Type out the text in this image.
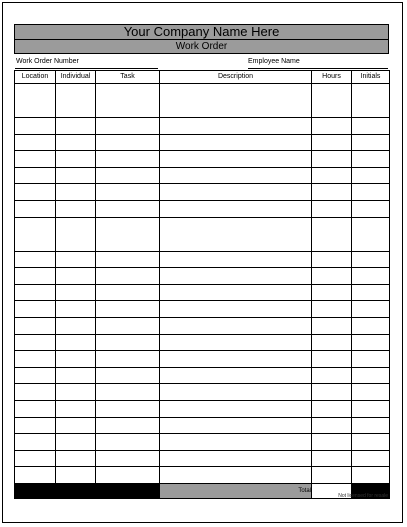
Your Company Name Here
Work Order
Work Order Number	Employee Name
Location	Individual	Task	Description	Hours	Initials

			Total		
Not licensed for resale
